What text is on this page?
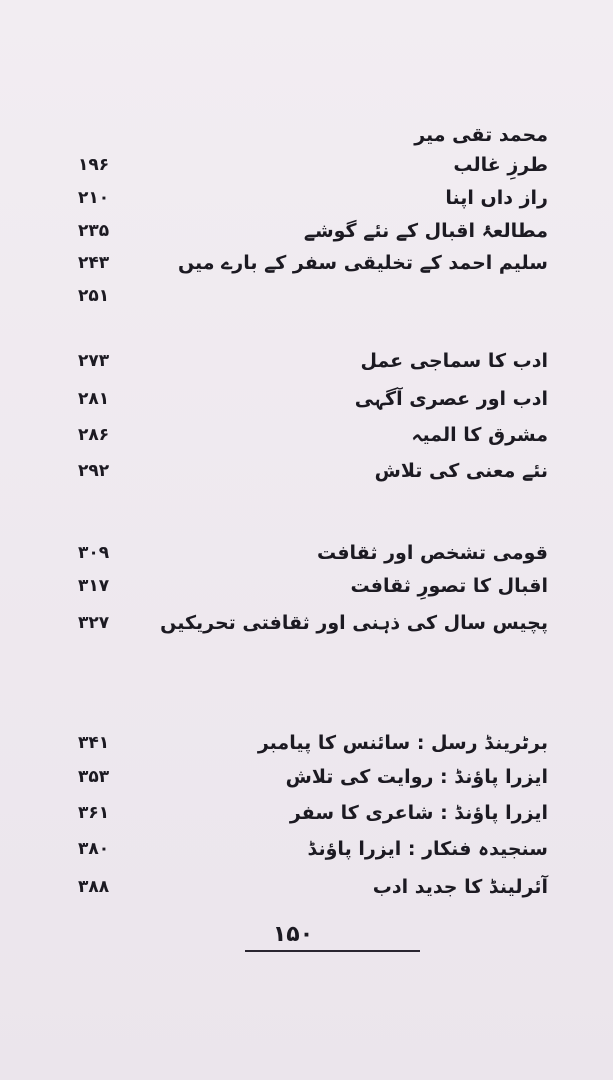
محمد تقی میر
۱۹۶	طرزِ غالب
۲۱۰	راز داں اپنا
۲۳۵	مطالعۂ اقبال کے نئے گوشے
۲۴۳	سلیم احمد کے تخلیقی سفر کے بارے میں
۲۵۱
۲۷۳	ادب کا سماجی عمل
۲۸۱	ادب اور عصری آگہی
۲۸۶	مشرق کا المیہ
۲۹۲	نئے معنی کی تلاش
۳۰۹	قومی تشخص اور ثقافت
۳۱۷	اقبال کا تصورِ ثقافت
۳۲۷	پچیس سال کی ذہنی اور ثقافتی تحریکیں
۳۴۱	برٹرینڈ رسل : سائنس کا پیامبر
۳۵۳	ایزرا پاؤنڈ : روایت کی تلاش
۳۶۱	ایزرا پاؤنڈ : شاعری کا سفر
۳۸۰	سنجیدہ فنکار : ایزرا پاؤنڈ
۳۸۸	آئرلینڈ کا جدید ادب
۱۵۰
